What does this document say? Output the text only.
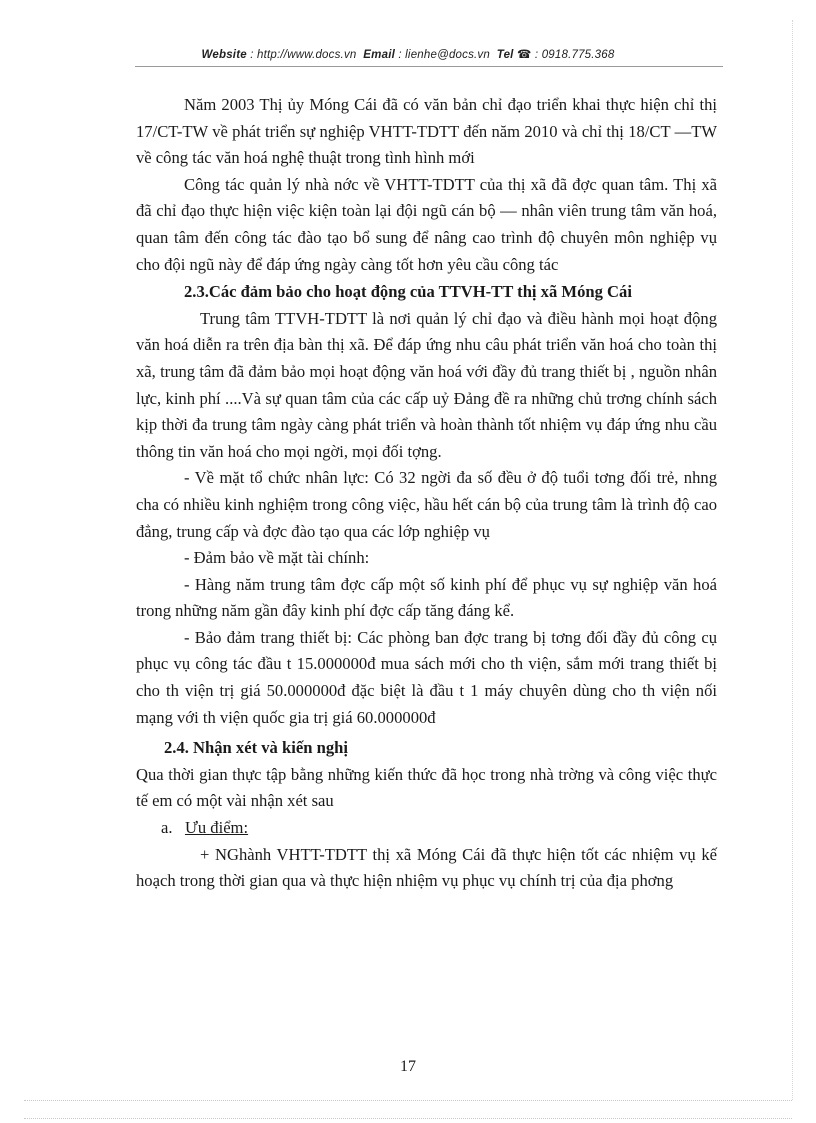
Website : http://www.docs.vn Email : lienhe@docs.vn Tel ☎ : 0918.775.368

Năm 2003 Thị ủy Móng Cái đã có văn bản chỉ đạo triển khai thực hiện chỉ thị 17/CT-TW về phát triển sự nghiệp VHTT-TDTT đến năm 2010 và chỉ thị 18/CT —TW về công tác văn hoá nghệ thuật trong tình hình mới

Công tác quản lý nhà nớc về VHTT-TDTT của thị xã đã đợc quan tâm. Thị xã đã chỉ đạo thực hiện việc kiện toàn lại đội ngũ cán bộ — nhân viên trung tâm văn hoá, quan tâm đến công tác đào tạo bổ sung để nâng cao trình độ chuyên môn nghiệp vụ cho đội ngũ này để đáp ứng ngày càng tốt hơn yêu cầu công tác

2.3.Các đảm bảo cho hoạt động của TTVH-TT thị xã Móng Cái

Trung tâm TTVH-TDTT là nơi quản lý chỉ đạo và điều hành mọi hoạt động văn hoá diễn ra trên địa bàn thị xã. Để đáp ứng nhu câu phát triển văn hoá cho toàn thị xã, trung tâm đã đảm bảo mọi hoạt động văn hoá với đầy đủ trang thiết bị , nguồn nhân lực, kinh phí ....Và sự quan tâm của các cấp uỷ Đảng đề ra những chủ trơng chính sách kịp thời đa trung tâm ngày càng phát triển và hoàn thành tốt nhiệm vụ đáp ứng nhu cầu thông tin văn hoá cho mọi ngời, mọi đối tợng.

- Về mặt tổ chức nhân lực: Có 32 ngời đa số đều ở độ tuổi tơng đối trẻ, nhng cha có nhiều kinh nghiệm trong công việc, hầu hết cán bộ của trung tâm là trình độ cao đẳng, trung cấp và đợc đào tạo qua các lớp nghiệp vụ

- Đảm bảo về mặt tài chính:

- Hàng năm trung tâm đợc cấp một số kinh phí để phục vụ sự nghiệp văn hoá trong những năm gần đây kinh phí đợc cấp tăng đáng kể.

- Bảo đảm trang thiết bị: Các phòng ban đợc trang bị tơng đối đầy đủ công cụ phục vụ công tác đầu t 15.000000đ mua sách mới cho th viện, sắm mới trang thiết bị cho th viện trị giá 50.000000đ đặc biệt là đầu t 1 máy chuyên dùng cho th viện nối mạng với th viện quốc gia trị giá 60.000000đ

2.4. Nhận xét và kiến nghị

Qua thời gian thực tập bằng những kiến thức đã học trong nhà trờng và công việc thực tế em có một vài nhận xét sau

a. Ưu điểm:

+ NGhành VHTT-TDTT thị xã Móng Cái đã thực hiện tốt các nhiệm vụ kế hoạch trong thời gian qua và thực hiện nhiệm vụ phục vụ chính trị của địa phơng

17
